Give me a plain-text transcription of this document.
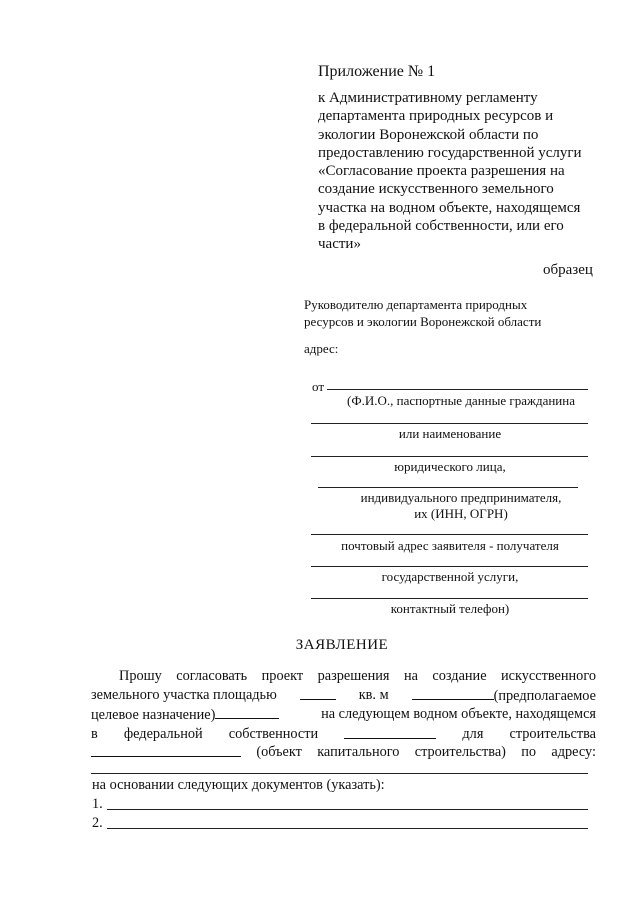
Приложение № 1
к Административному регламенту
департамента природных ресурсов и
экологии Воронежской области по
предоставлению государственной услуги
«Согласование проекта разрешения на
создание искусственного земельного
участка на водном объекте, находящемся
в федеральной собственности, или его
части»
образец
Руководителю департамента природных
ресурсов и экологии Воронежской области
адрес:
от
(Ф.И.О., паспортные данные гражданина
или наименование
юридического лица,
индивидуального предпринимателя,
их (ИНН, ОГРН)
почтовый адрес заявителя - получателя
государственной услуги,
контактный телефон)
ЗАЯВЛЕНИЕ
Прошу согласовать проект разрешения на создание искусственного
земельного участка площадью	кв. м	(предполагаемое
целевое назначение)	на следующем водном объекте, находящемся
в федеральной собственности	для строительства
(объект капитального строительства) по адресу:
на основании следующих документов (указать):
1.
2.
